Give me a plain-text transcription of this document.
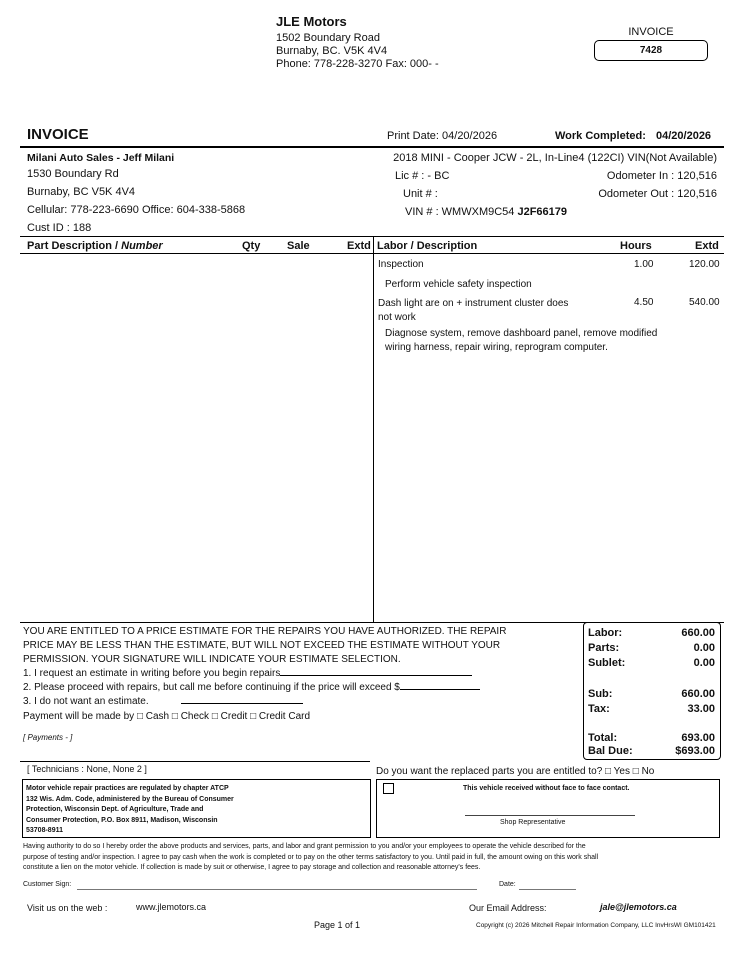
JLE Motors
1502 Boundary Road
Burnaby, BC. V5K 4V4
Phone: 778-228-3270 Fax: 000- -
INVOICE
7428
INVOICE	Print Date: 04/20/2026	Work Completed: 04/20/2026
Milani Auto Sales - Jeff Milani
1530 Boundary Rd
Burnaby, BC V5K 4V4
Cellular: 778-223-6690 Office: 604-338-5868
Cust ID : 188
2018 MINI - Cooper JCW - 2L, In-Line4 (122CI) VIN(Not Available)
Lic # : - BC
Unit # :
VIN # : WMWXM9C54 J2F66179
Odometer In : 120,516
Odometer Out : 120,516
Part Description / Number	Qty Sale	Extd Labor / Description	Hours	Extd
Inspection	1.00	120.00
Perform vehicle safety inspection
Dash light are on + instrument cluster does
not work
4.50	540.00
Diagnose system, remove dashboard panel, remove modified
wiring harness, repair wiring, reprogram computer.
YOU ARE ENTITLED TO A PRICE ESTIMATE FOR THE REPAIRS YOU HAVE AUTHORIZED. THE REPAIR
PRICE MAY BE LESS THAN THE ESTIMATE, BUT WILL NOT EXCEED THE ESTIMATE WITHOUT YOUR
PERMISSION. YOUR SIGNATURE WILL INDICATE YOUR ESTIMATE SELECTION.
1. I request an estimate in writing before you begin repairs
2. Please proceed with repairs, but call me before continuing if the price will exceed $
3. I do not want an estimate.
Payment will be made by □ Cash □ Check □ Credit □ Credit Card
[ Payments - ]
Labor:	660.00
Parts:	0.00
Sublet:	0.00
Sub:	660.00
Tax:	33.00
Total:	693.00
Bal Due:	$693.00
[ Technicians : None, None 2 ]	Do you want the replaced parts you are entitled to? □ Yes □ No
Motor vehicle repair practices are regulated by chapter ATCP
132 Wis. Adm. Code, administered by the Bureau of Consumer
Protection, Wisconsin Dept. of Agriculture, Trade and
Consumer Protection, P.O. Box 8911, Madison, Wisconsin
53708-8911
This vehicle received without face to face contact.
Shop Representative
Having authority to do so I hereby order the above products and services, parts, and labor and grant permission to you and/or your employees to operate the vehicle described for the
purpose of testing and/or inspection. I agree to pay cash when the work is completed or to pay on the other terms satisfactory to you. Until paid in full, the amount owing on this work shall
constitute a lien on the motor vehicle. If collection is made by suit or otherwise, I agree to pay storage and collection and reasonable attorney's fees.
Customer Sign:	Date:
Visit us on the web :	www.jlemotors.ca	Our Email Address:	jale@jlemotors.ca
Page 1 of 1	Copyright (c) 2026 Mitchell Repair Information Company, LLC InvHrsWI GM101421
